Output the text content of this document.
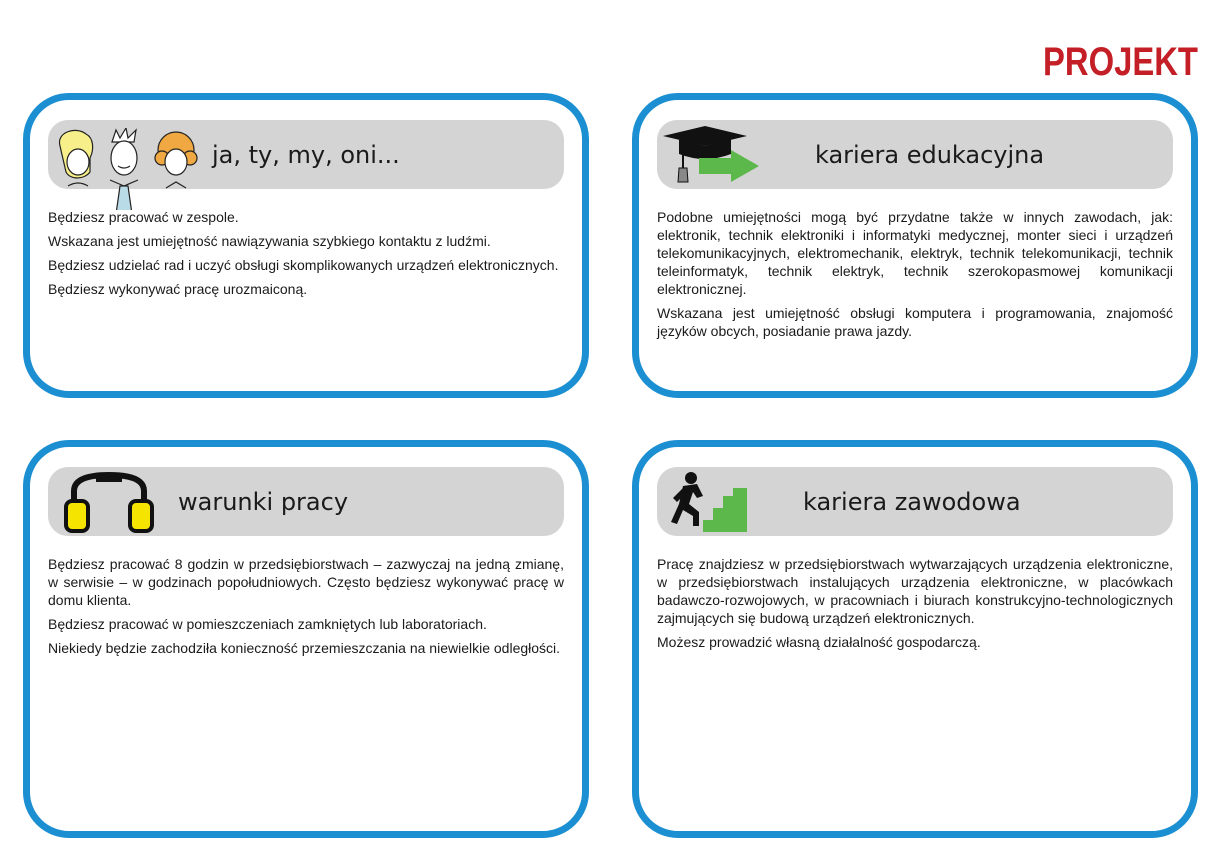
PROJEKT
ja, ty, my, oni...

Będziesz pracować w zespole.

Wskazana jest umiejętność nawiązywania szybkiego kontaktu z ludźmi.

Będziesz udzielać rad i uczyć obsługi skomplikowanych urządzeń elektronicznych.

Będziesz wykonywać pracę urozmaiconą.

kariera edukacyjna

Podobne umiejętności mogą być przydatne także w innych zawodach, jak: elektronik, technik elektroniki i informatyki medycznej, monter sieci i urządzeń telekomunikacyjnych, elektromechanik, elektryk, technik telekomunikacji, technik teleinformatyk, technik elektryk, technik szerokopasmowej komunikacji elektronicznej.

Wskazana jest umiejętność obsługi komputera i programowania, znajomość języków obcych, posiadanie prawa jazdy.

warunki pracy

Będziesz pracować 8 godzin w przedsiębiorstwach – zazwyczaj na jedną zmianę, w serwisie – w godzinach popołudniowych. Często będziesz wykonywać pracę w domu klienta.

Będziesz pracować w pomieszczeniach zamkniętych lub laboratoriach.

Niekiedy będzie zachodziła konieczność przemieszczania na niewielkie odległości.

kariera zawodowa

Pracę znajdziesz w przedsiębiorstwach wytwarzających urządzenia elektroniczne, w przedsiębiorstwach instalujących urządzenia elektroniczne, w placówkach badawczo-rozwojowych, w pracowniach i biurach konstrukcyjno-technologicznych zajmujących się budową urządzeń elektronicznych.

Możesz prowadzić własną działalność gospodarczą.
